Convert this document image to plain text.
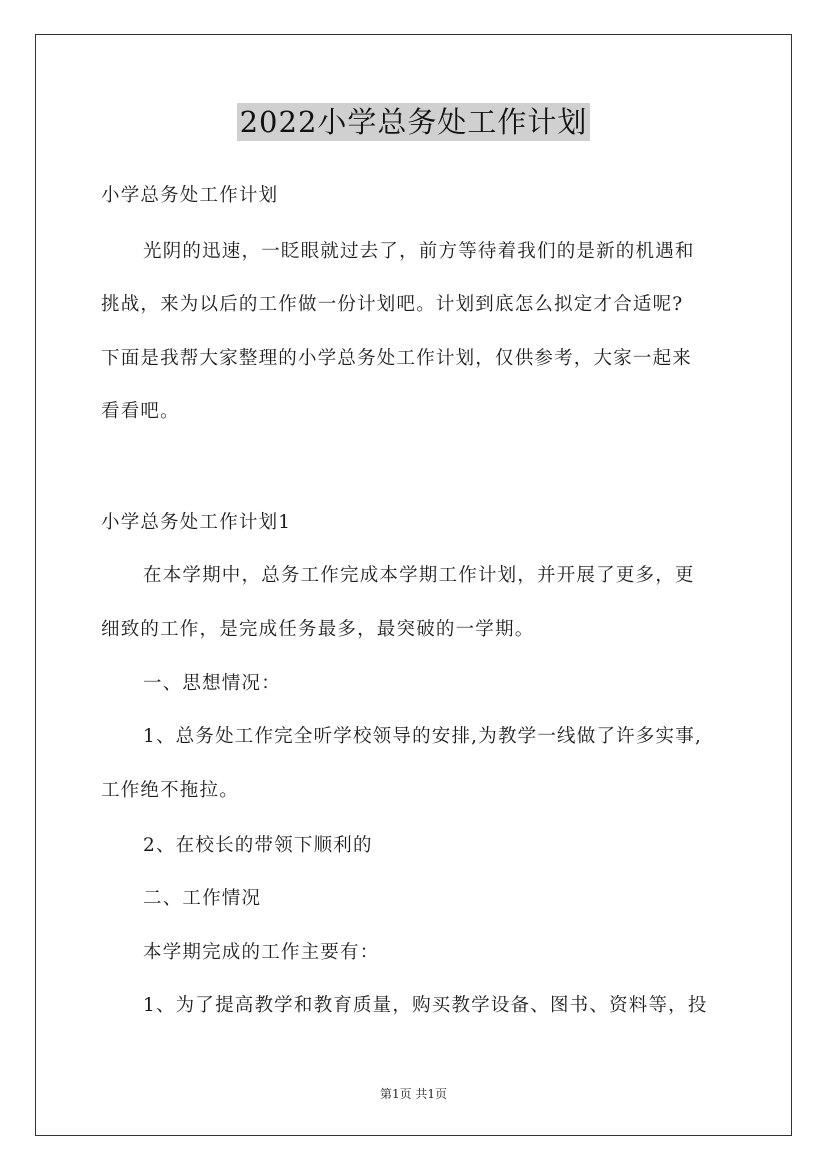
2022小学总务处工作计划
小学总务处工作计划
光阴的迅速，一眨眼就过去了，前方等待着我们的是新的机遇和
挑战，来为以后的工作做一份计划吧。计划到底怎么拟定才合适呢?
下面是我帮大家整理的小学总务处工作计划，仅供参考，大家一起来
看看吧。
小学总务处工作计划1
在本学期中，总务工作完成本学期工作计划，并开展了更多，更
细致的工作，是完成任务最多，最突破的一学期。
一、思想情况：
1、总务处工作完全听学校领导的安排,为教学一线做了许多实事,
工作绝不拖拉。
2、在校长的带领下顺利的
二、工作情况
本学期完成的工作主要有：
1、为了提高教学和教育质量，购买教学设备、图书、资料等，投
第1页 共1页
